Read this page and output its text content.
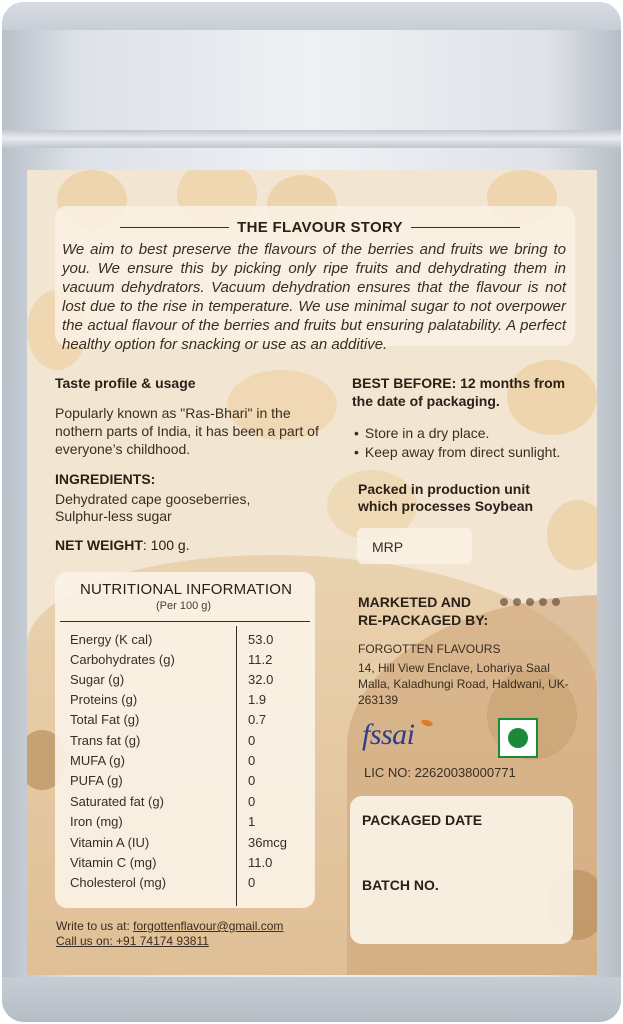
THE FLAVOUR STORY
We aim to best preserve the flavours of the berries and fruits we bring to you. We ensure this by picking only ripe fruits and dehydrating them in vacuum dehydrators. Vacuum dehydration ensures that the flavour is not lost due to the rise in temperature. We use minimal sugar to not overpower the actual flavour of the berries and fruits but ensuring palatability. A perfect healthy option for snacking or use as an additive.
Taste profile & usage
Popularly known as "Ras-Bhari" in the nothern parts of India, it has been a part of everyone’s childhood.
INGREDIENTS:
Dehydrated cape gooseberries,
Sulphur-less sugar
NET WEIGHT: 100 g.
BEST BEFORE: 12 months from
the date of packaging.
• Store in a dry place.
• Keep away from direct sunlight.
Packed in production unit
which processes Soybean
MRP
NUTRITIONAL INFORMATION
(Per 100 g)
Energy (K cal)	53.0
Carbohydrates (g)	11.2
Sugar (g)	32.0
Proteins (g)	1.9
Total Fat (g)	0.7
Trans fat (g)	0
MUFA (g)	0
PUFA (g)	0
Saturated fat (g)	0
Iron (mg)	1
Vitamin A (IU)	36mcg
Vitamin C (mg)	11.0
Cholesterol (mg)	0
MARKETED AND
RE-PACKAGED BY:
FORGOTTEN FLAVOURS
14, Hill View Enclave, Lohariya Saal Malla, Kaladhungi Road, Haldwani, UK-263139
fssai
LIC NO: 22620038000771
PACKAGED DATE
BATCH NO.
Write to us at: forgottenflavour@gmail.com
Call us on: +91 74174 93811
